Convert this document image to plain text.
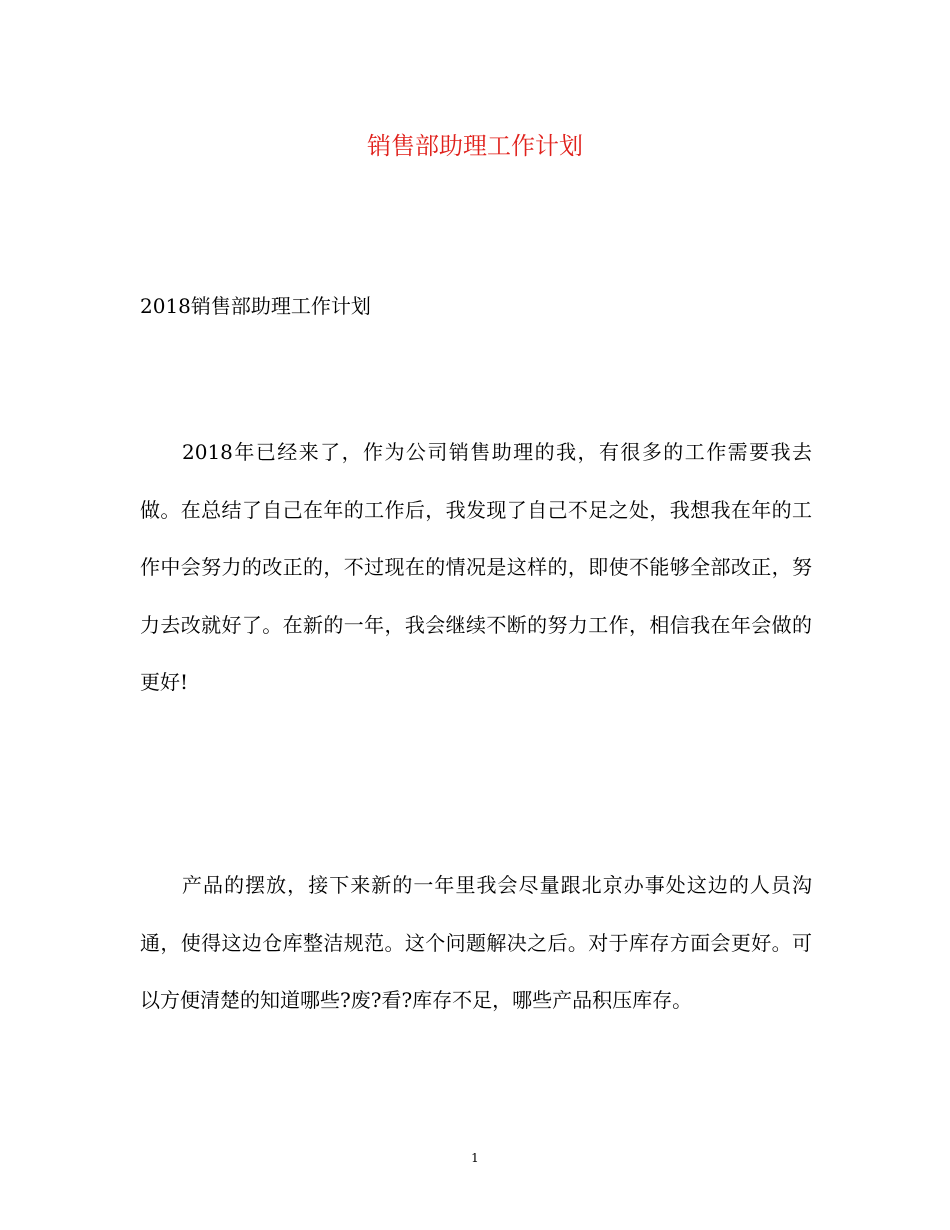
销售部助理工作计划
2018销售部助理工作计划

2018年已经来了，作为公司销售助理的我，有很多的工作需要我去做。在总结了自己在年的工作后，我发现了自己不足之处，我想我在年的工作中会努力的改正的，不过现在的情况是这样的，即使不能够全部改正，努力去改就好了。在新的一年，我会继续不断的努力工作，相信我在年会做的更好!

产品的摆放，接下来新的一年里我会尽量跟北京办事处这边的人员沟通，使得这边仓库整洁规范。这个问题解决之后。对于库存方面会更好。可以方便清楚的知道哪些?废?看?库存不足，哪些产品积压库存。

1
